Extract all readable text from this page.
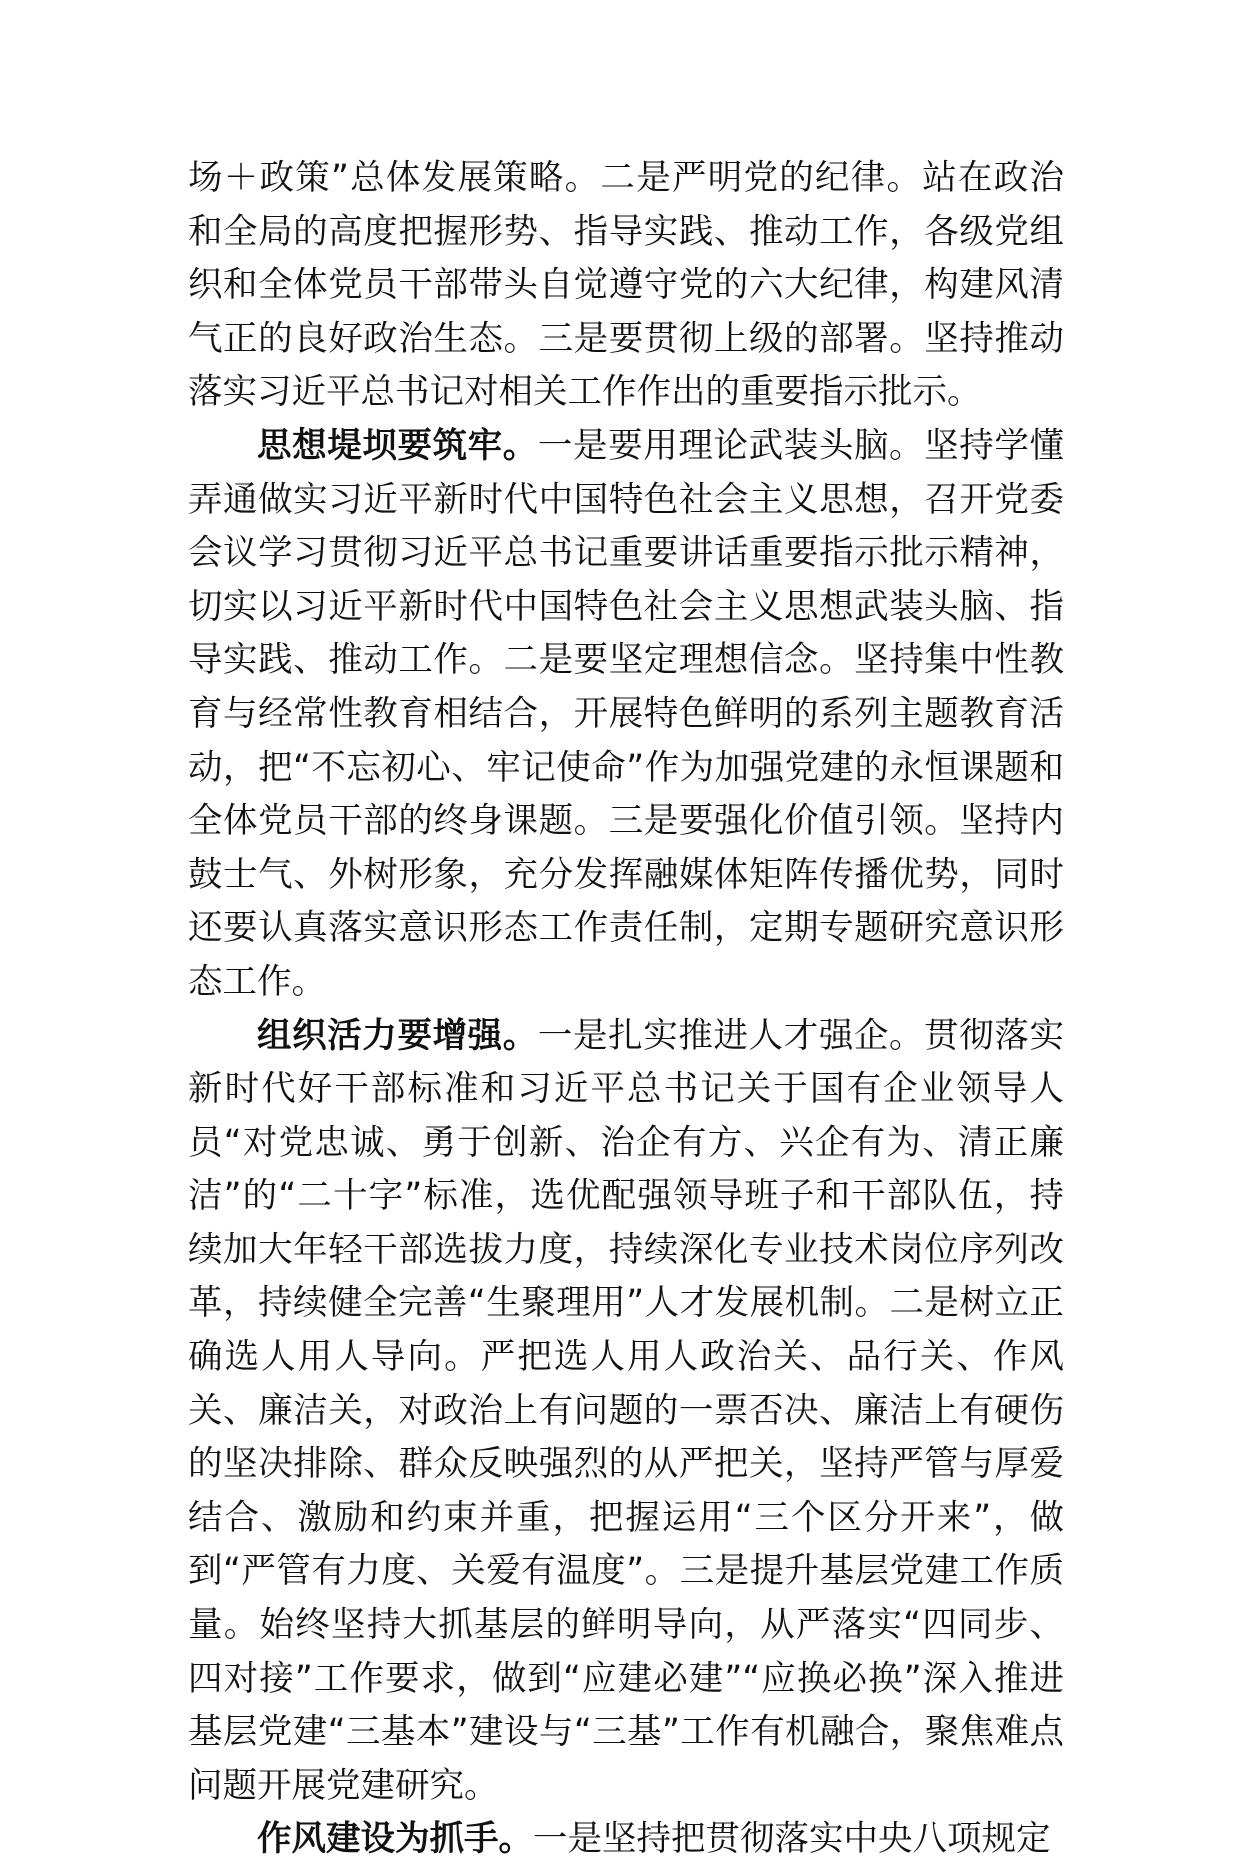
场＋政策”总体发展策略。二是严明党的纪律。站在政治和全局的高度把握形势、指导实践、推动工作，各级党组织和全体党员干部带头自觉遵守党的六大纪律，构建风清气正的良好政治生态。三是要贯彻上级的部署。坚持推动落实习近平总书记对相关工作作出的重要指示批示。

思想堤坝要筑牢。一是要用理论武装头脑。坚持学懂弄通做实习近平新时代中国特色社会主义思想，召开党委会议学习贯彻习近平总书记重要讲话重要指示批示精神，切实以习近平新时代中国特色社会主义思想武装头脑、指导实践、推动工作。二是要坚定理想信念。坚持集中性教育与经常性教育相结合，开展特色鲜明的系列主题教育活动，把“不忘初心、牢记使命”作为加强党建的永恒课题和全体党员干部的终身课题。三是要强化价值引领。坚持内鼓士气、外树形象，充分发挥融媒体矩阵传播优势，同时还要认真落实意识形态工作责任制，定期专题研究意识形态工作。

组织活力要增强。一是扎实推进人才强企。贯彻落实新时代好干部标准和习近平总书记关于国有企业领导人员“对党忠诚、勇于创新、治企有方、兴企有为、清正廉洁”的“二十字”标准，选优配强领导班子和干部队伍，持续加大年轻干部选拔力度，持续深化专业技术岗位序列改革，持续健全完善“生聚理用”人才发展机制。二是树立正确选人用人导向。严把选人用人政治关、品行关、作风关、廉洁关，对政治上有问题的一票否决、廉洁上有硬伤的坚决排除、群众反映强烈的从严把关，坚持严管与厚爱结合、激励和约束并重，把握运用“三个区分开来”，做到“严管有力度、关爱有温度”。三是提升基层党建工作质量。始终坚持大抓基层的鲜明导向，从严落实“四同步、四对接”工作要求，做到“应建必建”“应换必换”深入推进基层党建“三基本”建设与“三基”工作有机融合，聚焦难点问题开展党建研究。

作风建设为抓手。一是坚持把贯彻落实中央八项规定
